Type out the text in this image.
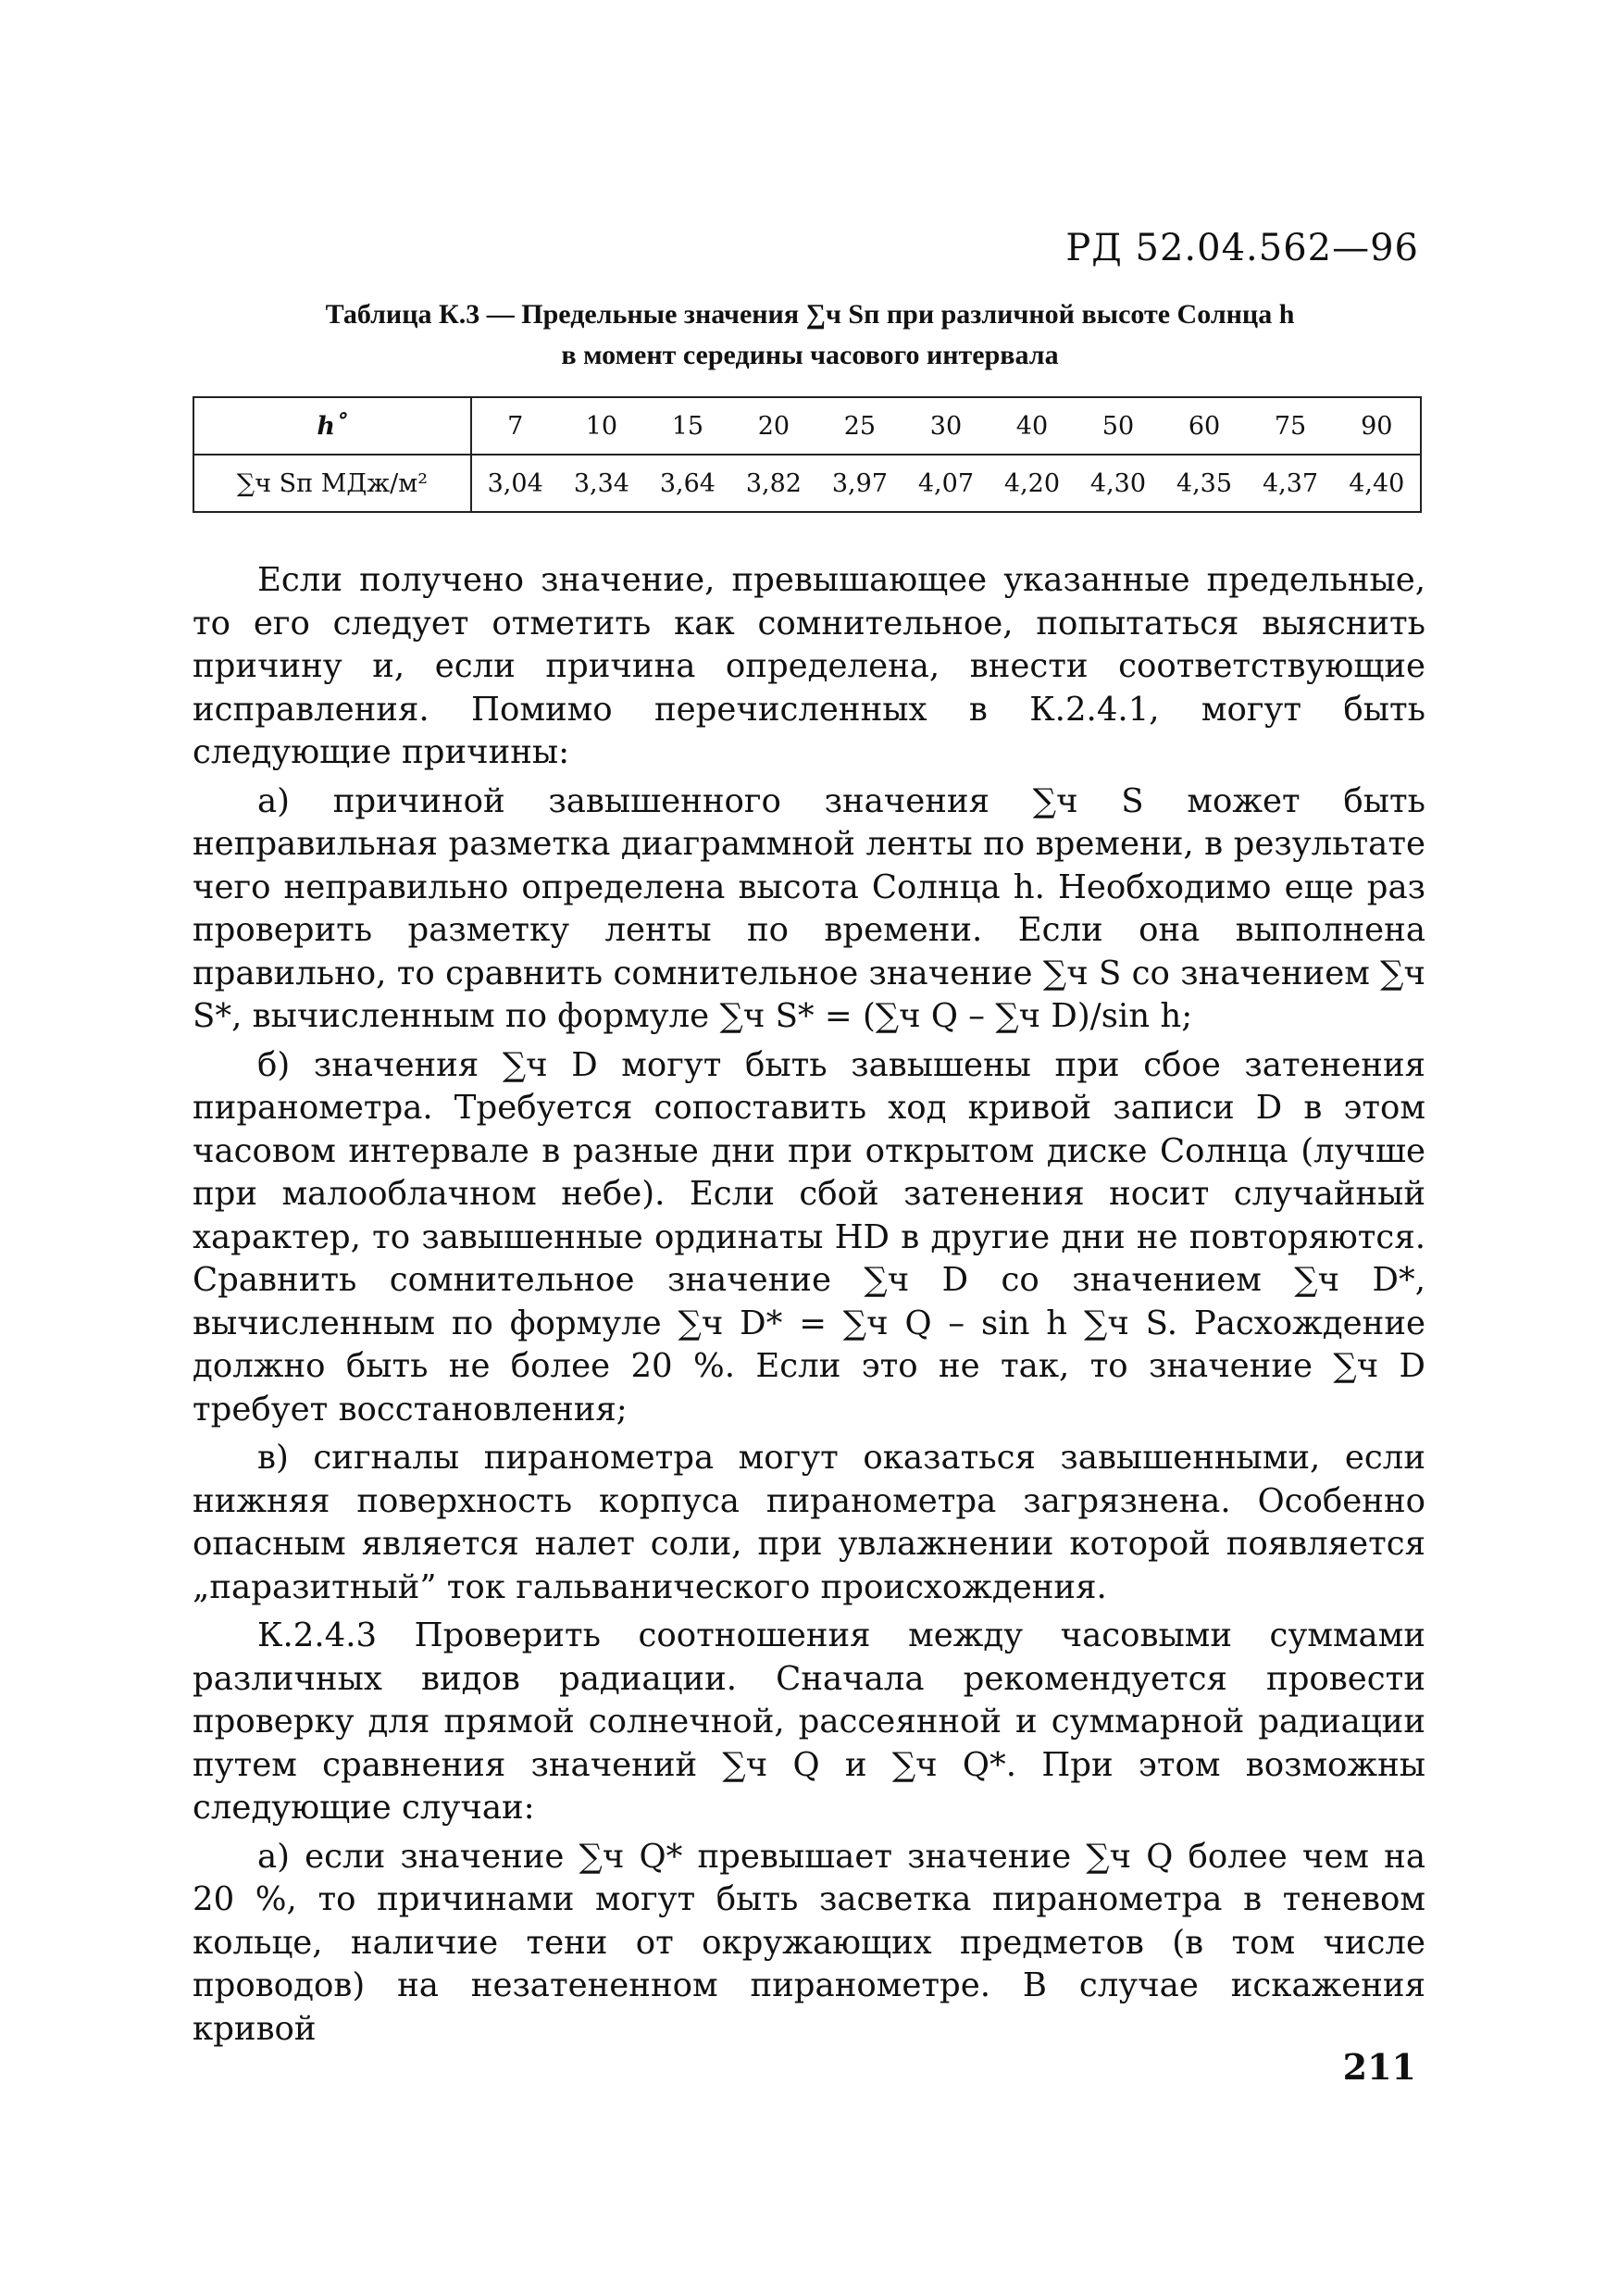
РД 52.04.562—96
Таблица К.3 — Предельные значения ∑ч Sп при различной высоте Солнца h
в момент середины часового интервала
h˚	7	10	15	20	25	30	40	50	60	75	90
∑ч Sп МДж/м²	3,04	3,34	3,64	3,82	3,97	4,07	4,20	4,30	4,35	4,37	4,40

Если получено значение, превышающее указанные предельные, то его следует отметить как сомнительное, попытаться выяснить причину и, если причина определена, внести соответствующие исправления. Помимо перечисленных в К.2.4.1, могут быть следующие причины:

а) причиной завышенного значения ∑ч S может быть неправильная разметка диаграммной ленты по времени, в результате чего неправильно определена высота Солнца h. Необходимо еще раз проверить разметку ленты по времени. Если она выполнена правильно, то сравнить сомнительное значение ∑ч S со значением ∑ч S*, вычисленным по формуле ∑ч S* = (∑ч Q – ∑ч D)/sin h;

б) значения ∑ч D могут быть завышены при сбое затенения пиранометра. Требуется сопоставить ход кривой записи D в этом часовом интервале в разные дни при открытом диске Солнца (лучше при малооблачном небе). Если сбой затенения носит случайный характер, то завышенные ординаты HD в другие дни не повторяются. Сравнить сомнительное значение ∑ч D со значением ∑ч D*, вычисленным по формуле ∑ч D* = ∑ч Q – sin h ∑ч S. Расхождение должно быть не более 20 %. Если это не так, то значение ∑ч D требует восстановления;

в) сигналы пиранометра могут оказаться завышенными, если нижняя поверхность корпуса пиранометра загрязнена. Особенно опасным является налет соли, при увлажнении которой появляется „паразитный” ток гальванического происхождения.

К.2.4.3 Проверить соотношения между часовыми суммами различных видов радиации. Сначала рекомендуется провести проверку для прямой солнечной, рассеянной и суммарной радиации путем сравнения значений ∑ч Q и ∑ч Q*. При этом возможны следующие случаи:

а) если значение ∑ч Q* превышает значение ∑ч Q более чем на 20 %, то причинами могут быть засветка пиранометра в теневом кольце, наличие тени от окружающих предметов (в том числе проводов) на незатененном пиранометре. В случае искажения кривой

211
